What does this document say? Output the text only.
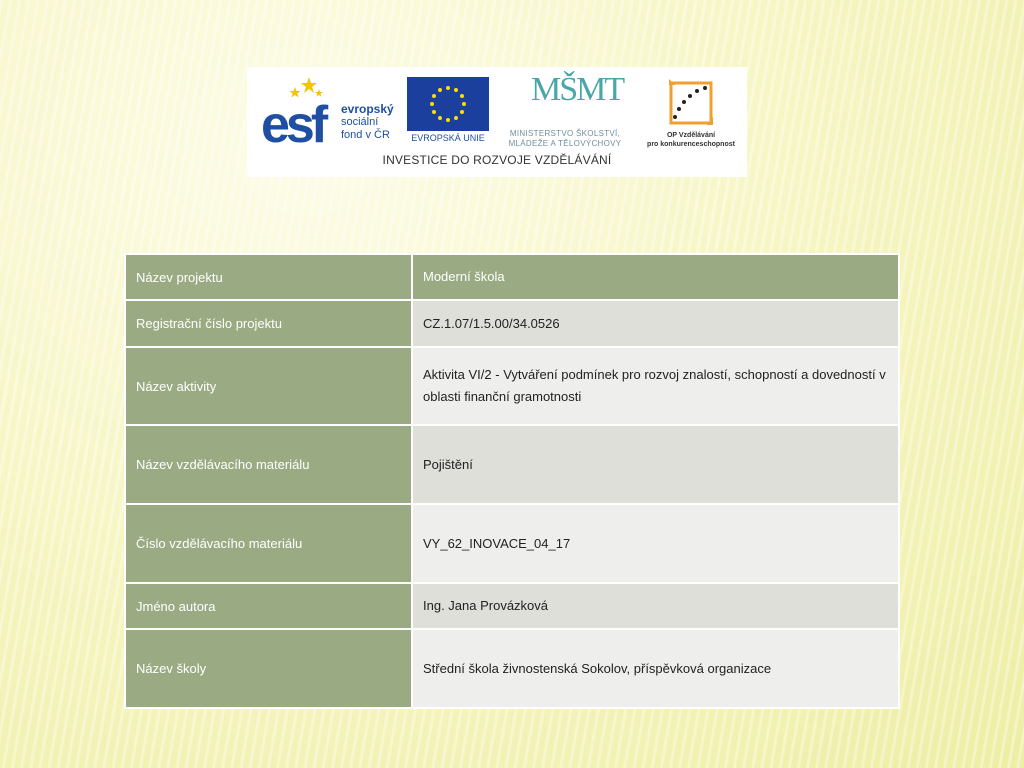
esf evropský
sociální
fond v ČR	EVROPSKÁ UNIE
MŠMT
MINISTERSTVO ŠKOLSTVÍ,
MLÁDEŽE A TĚLOVÝCHOVY
OP Vzdělávání
pro konkurenceschopnost
INVESTICE DO ROZVOJE VZDĚLÁVÁNÍ
Název projektu	Moderní škola
Registrační číslo projektu	CZ.1.07/1.5.00/34.0526
Název aktivity	Aktivita VI/2 - Vytváření podmínek pro rozvoj znalostí, schopností a dovedností v oblasti finanční gramotnosti
Název vzdělávacího materiálu	Pojištění
Číslo vzdělávacího materiálu	VY_62_INOVACE_04_17
Jméno autora	Ing. Jana Provázková
Název školy	Střední škola živnostenská Sokolov, příspěvková organizace
